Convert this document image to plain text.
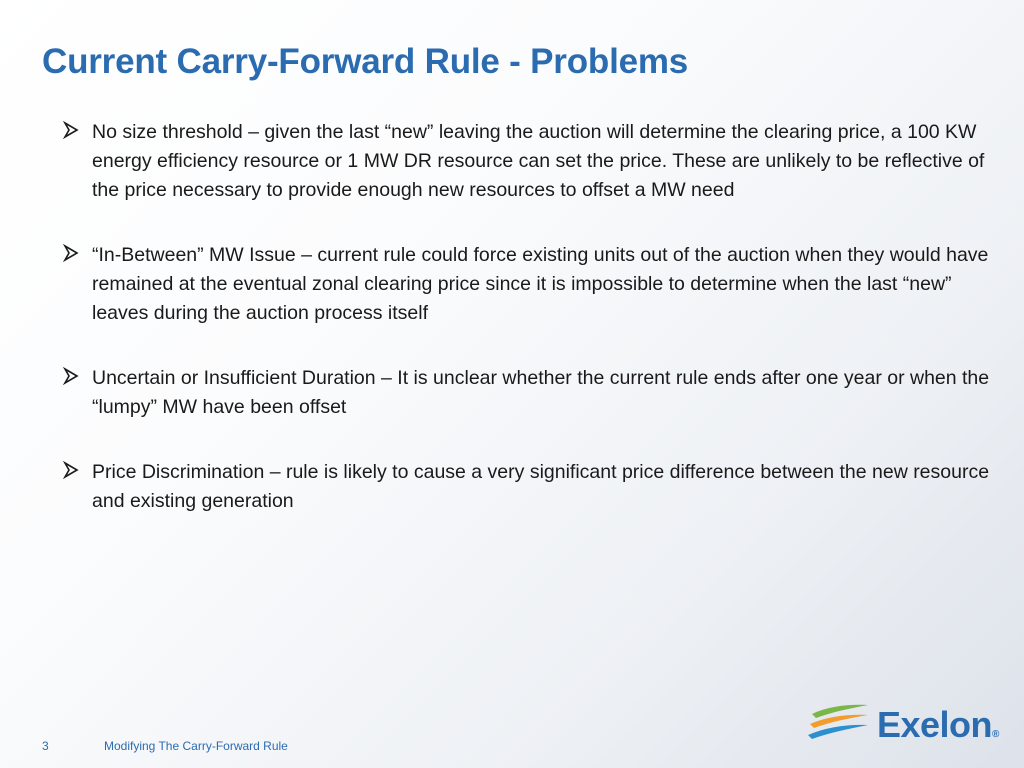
Current Carry-Forward Rule - Problems
No size threshold – given the last “new” leaving the auction will determine the clearing price, a 100 KW energy efficiency resource or 1 MW DR resource can set the price. These are unlikely to be reflective of the price necessary to provide enough new resources to offset a MW need
“In-Between” MW Issue – current rule could force existing units out of the auction when they would have remained at the eventual zonal clearing price since it is impossible to determine when the last “new” leaves during the auction process itself
Uncertain or Insufficient Duration – It is unclear whether the current rule ends after one year or when the “lumpy” MW have been offset
Price Discrimination – rule is likely to cause a very significant price difference between the new resource and existing generation
3	Modifying The Carry-Forward Rule
Exelon®
